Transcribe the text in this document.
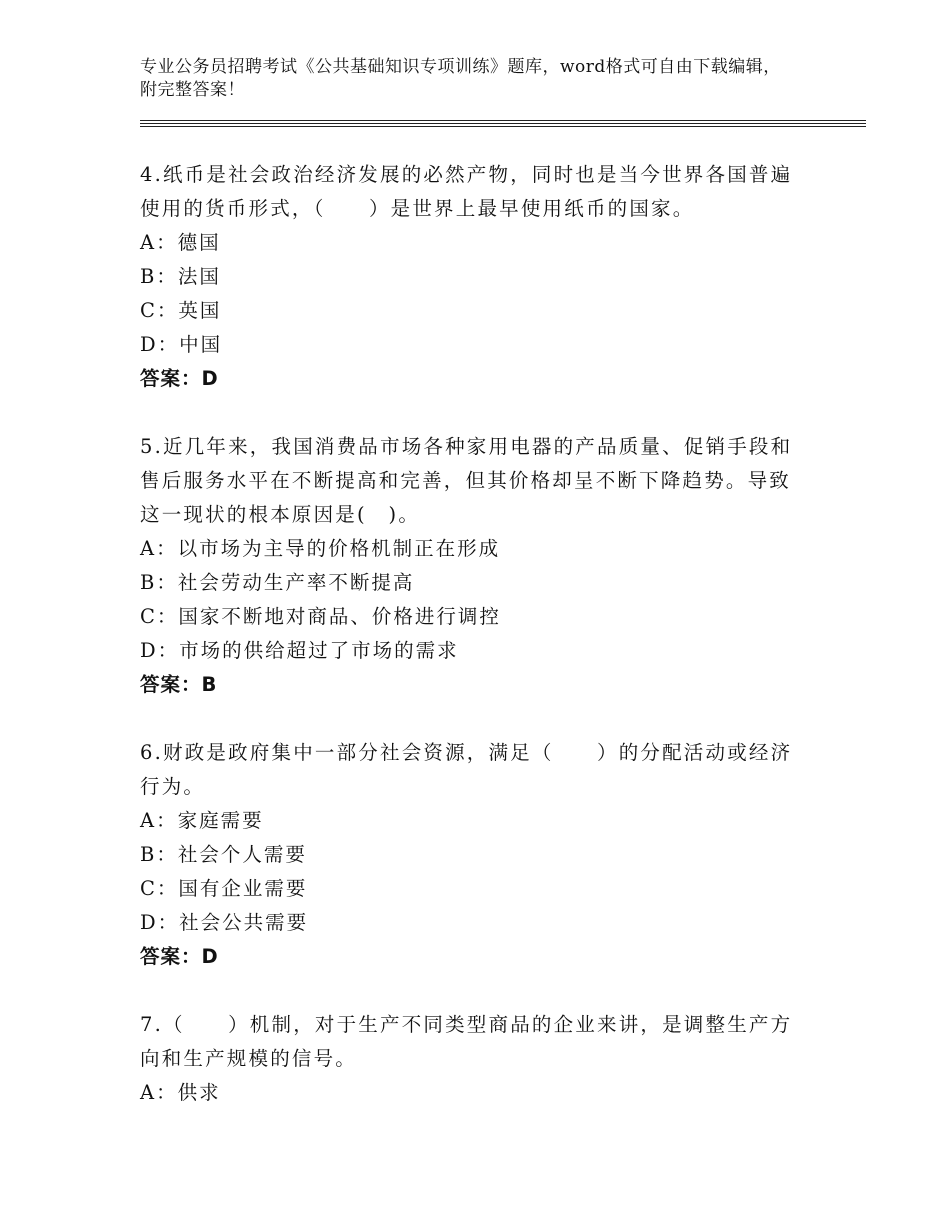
专业公务员招聘考试《公共基础知识专项训练》题库，word格式可自由下载编辑，附完整答案！
4.纸币是社会政治经济发展的必然产物，同时也是当今世界各国普遍使用的货币形式，（　　）是世界上最早使用纸币的国家。
A：德国
B：法国
C：英国
D：中国
答案：D
5.近几年来，我国消费品市场各种家用电器的产品质量、促销手段和售后服务水平在不断提高和完善，但其价格却呈不断下降趋势。导致这一现状的根本原因是(　)。
A：以市场为主导的价格机制正在形成
B：社会劳动生产率不断提高
C：国家不断地对商品、价格进行调控
D：市场的供给超过了市场的需求
答案：B
6.财政是政府集中一部分社会资源，满足（　　）的分配活动或经济行为。
A：家庭需要
B：社会个人需要
C：国有企业需要
D：社会公共需要
答案：D
7.（　　）机制，对于生产不同类型商品的企业来讲，是调整生产方向和生产规模的信号。
A：供求
